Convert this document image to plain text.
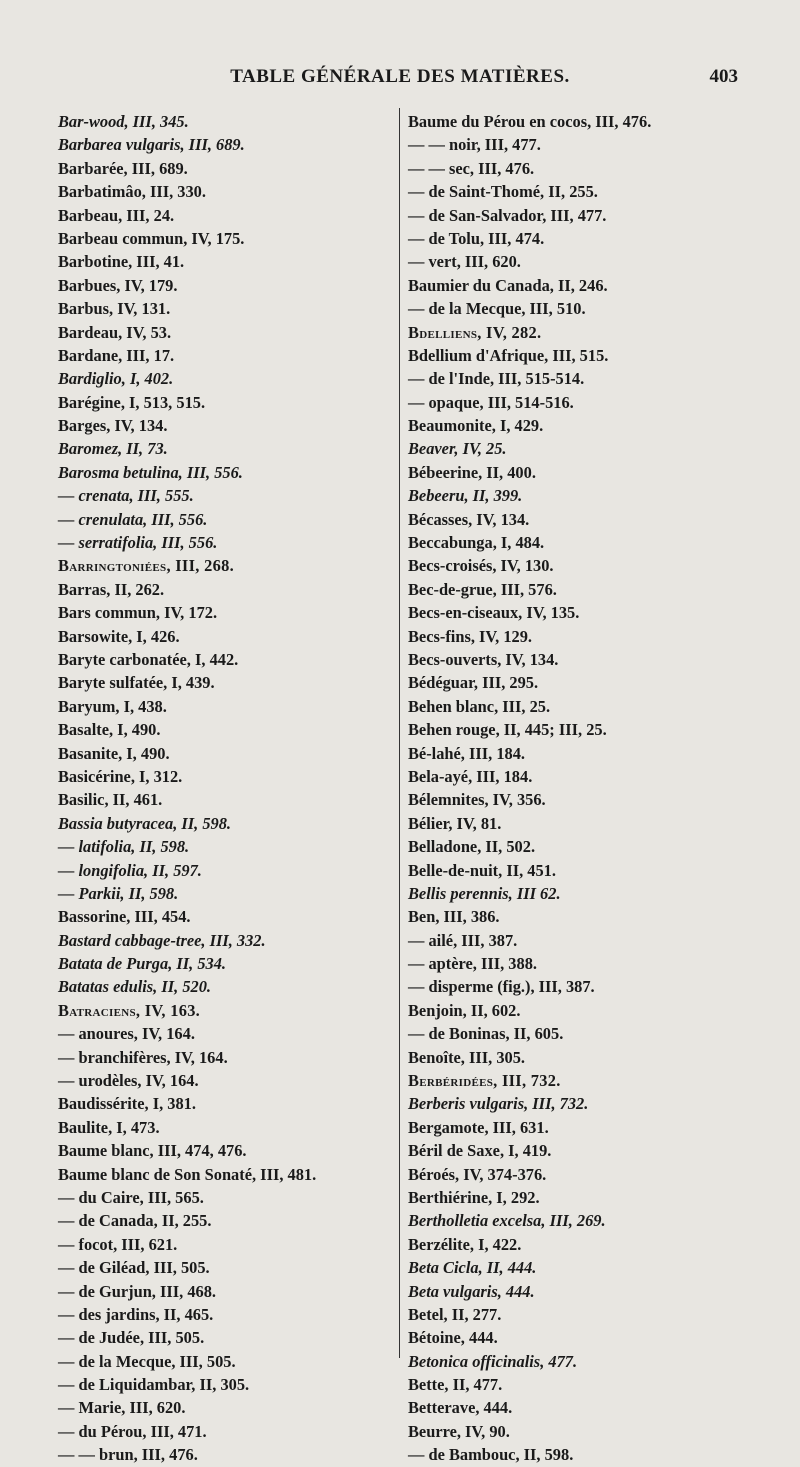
TABLE GÉNÉRALE DES MATIÈRES.	403
Bar-wood, III, 345.
Barbarea vulgaris, III, 689.
Barbarée, III, 689.
Barbatimâo, III, 330.
Barbeau, III, 24.
Barbeau commun, IV, 175.
Barbotine, III, 41.
Barbues, IV, 179.
Barbus, IV, 131.
Bardeau, IV, 53.
Bardane, III, 17.
Bardiglio, I, 402.
Barégine, I, 513, 515.
Barges, IV, 134.
Baromez, II, 73.
Barosma betulina, III, 556.
— crenata, III, 555.
— crenulata, III, 556.
— serratifolia, III, 556.
Barringtoniées, III, 268.
Barras, II, 262.
Bars commun, IV, 172.
Barsowite, I, 426.
Baryte carbonatée, I, 442.
Baryte sulfatée, I, 439.
Baryum, I, 438.
Basalte, I, 490.
Basanite, I, 490.
Basicérine, I, 312.
Basilic, II, 461.
Bassia butyracea, II, 598.
— latifolia, II, 598.
— longifolia, II, 597.
— Parkii, II, 598.
Bassorine, III, 454.
Bastard cabbage-tree, III, 332.
Batata de Purga, II, 534.
Batatas edulis, II, 520.
Batraciens, IV, 163.
— anoures, IV, 164.
— branchifères, IV, 164.
— urodèles, IV, 164.
Baudissérite, I, 381.
Baulite, I, 473.
Baume blanc, III, 474, 476.
Baume blanc de Son Sonaté, III, 481.
— du Caire, III, 565.
— de Canada, II, 255.
— focot, III, 621.
— de Giléad, III, 505.
— de Gurjun, III, 468.
— des jardins, II, 465.
— de Judée, III, 505.
— de la Mecque, III, 505.
— de Liquidambar, II, 305.
— Marie, III, 620.
— du Pérou, III, 471.
— — brun, III, 476.
Baume du Pérou en cocos, III, 476.
— — noir, III, 477.
— — sec, III, 476.
— de Saint-Thomé, II, 255.
— de San-Salvador, III, 477.
— de Tolu, III, 474.
— vert, III, 620.
Baumier du Canada, II, 246.
— de la Mecque, III, 510.
Bdelliens, IV, 282.
Bdellium d'Afrique, III, 515.
— de l'Inde, III, 515-514.
— opaque, III, 514-516.
Beaumonite, I, 429.
Beaver, IV, 25.
Bébeerine, II, 400.
Bebeeru, II, 399.
Bécasses, IV, 134.
Beccabunga, I, 484.
Becs-croisés, IV, 130.
Bec-de-grue, III, 576.
Becs-en-ciseaux, IV, 135.
Becs-fins, IV, 129.
Becs-ouverts, IV, 134.
Bédéguar, III, 295.
Behen blanc, III, 25.
Behen rouge, II, 445; III, 25.
Bé-lahé, III, 184.
Bela-ayé, III, 184.
Bélemnites, IV, 356.
Bélier, IV, 81.
Belladone, II, 502.
Belle-de-nuit, II, 451.
Bellis perennis, III 62.
Ben, III, 386.
— ailé, III, 387.
— aptère, III, 388.
— disperme (fig.), III, 387.
Benjoin, II, 602.
— de Boninas, II, 605.
Benoîte, III, 305.
Berbéridées, III, 732.
Berberis vulgaris, III, 732.
Bergamote, III, 631.
Béril de Saxe, I, 419.
Béroés, IV, 374-376.
Berthiérine, I, 292.
Bertholletia excelsa, III, 269.
Berzélite, I, 422.
Beta Cicla, II, 444.
Beta vulgaris, 444.
Betel, II, 277.
Bétoine, 444.
Betonica officinalis, 477.
Bette, II, 477.
Betterave, 444.
Beurre, IV, 90.
— de Bambouc, II, 598.
